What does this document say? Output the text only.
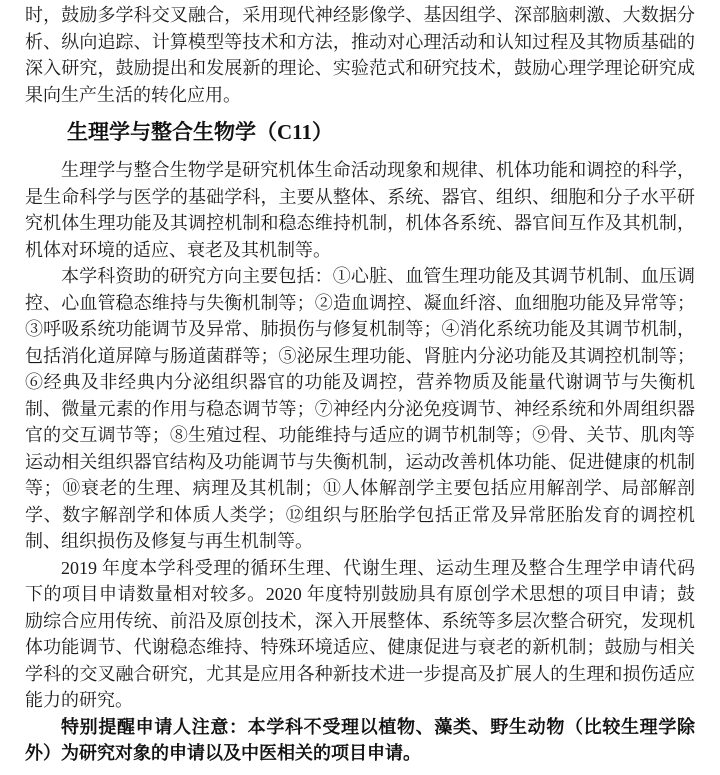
时，鼓励多学科交叉融合，采用现代神经影像学、基因组学、深部脑刺激、大数据分析、纵向追踪、计算模型等技术和方法，推动对心理活动和认知过程及其物质基础的深入研究，鼓励提出和发展新的理论、实验范式和研究技术，鼓励心理学理论研究成果向生产生活的转化应用。

生理学与整合生物学（C11）

生理学与整合生物学是研究机体生命活动现象和规律、机体功能和调控的科学，是生命科学与医学的基础学科，主要从整体、系统、器官、组织、细胞和分子水平研究机体生理功能及其调控机制和稳态维持机制，机体各系统、器官间互作及其机制，机体对环境的适应、衰老及其机制等。

本学科资助的研究方向主要包括：①心脏、血管生理功能及其调节机制、血压调控、心血管稳态维持与失衡机制等；②造血调控、凝血纤溶、血细胞功能及异常等；③呼吸系统功能调节及异常、肺损伤与修复机制等；④消化系统功能及其调节机制，包括消化道屏障与肠道菌群等；⑤泌尿生理功能、肾脏内分泌功能及其调控机制等；⑥经典及非经典内分泌组织器官的功能及调控，营养物质及能量代谢调节与失衡机制、微量元素的作用与稳态调节等；⑦神经内分泌免疫调节、神经系统和外周组织器官的交互调节等；⑧生殖过程、功能维持与适应的调节机制等；⑨骨、关节、肌肉等运动相关组织器官结构及功能调节与失衡机制，运动改善机体功能、促进健康的机制等；⑩衰老的生理、病理及其机制；⑪人体解剖学主要包括应用解剖学、局部解剖学、数字解剖学和体质人类学；⑫组织与胚胎学包括正常及异常胚胎发育的调控机制、组织损伤及修复与再生机制等。

2019 年度本学科受理的循环生理、代谢生理、运动生理及整合生理学申请代码下的项目申请数量相对较多。2020 年度特别鼓励具有原创学术思想的项目申请；鼓励综合应用传统、前沿及原创技术，深入开展整体、系统等多层次整合研究，发现机体功能调节、代谢稳态维持、特殊环境适应、健康促进与衰老的新机制；鼓励与相关学科的交叉融合研究，尤其是应用各种新技术进一步提高及扩展人的生理和损伤适应能力的研究。

特别提醒申请人注意：本学科不受理以植物、藻类、野生动物（比较生理学除外）为研究对象的申请以及中医相关的项目申请。
